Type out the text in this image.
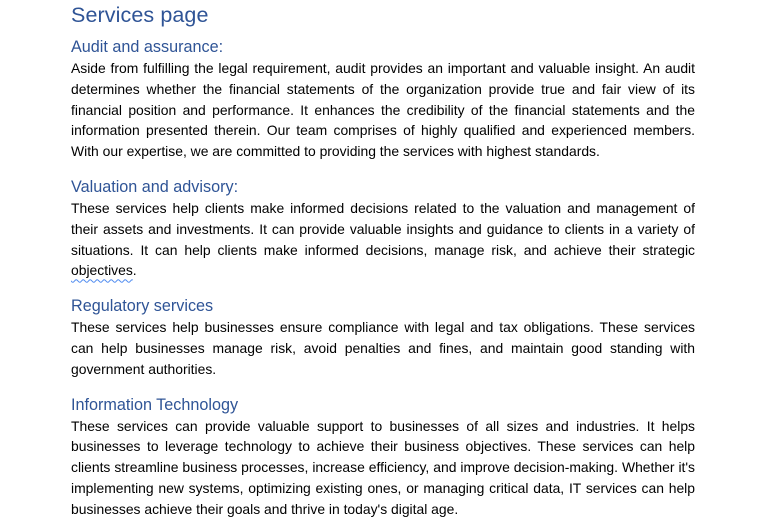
Services page
Audit and assurance:

Aside from fulfilling the legal requirement, audit provides an important and valuable insight. An audit determines whether the financial statements of the organization provide true and fair view of its financial position and performance. It enhances the credibility of the financial statements and the information presented therein. Our team comprises of highly qualified and experienced members. With our expertise, we are committed to providing the services with highest standards.

Valuation and advisory:

These services help clients make informed decisions related to the valuation and management of their assets and investments. It can provide valuable insights and guidance to clients in a variety of situations. It can help clients make informed decisions, manage risk, and achieve their strategic objectives.

Regulatory services

These services help businesses ensure compliance with legal and tax obligations. These services can help businesses manage risk, avoid penalties and fines, and maintain good standing with government authorities.

Information Technology

These services can provide valuable support to businesses of all sizes and industries. It helps businesses to leverage technology to achieve their business objectives. These services can help clients streamline business processes, increase efficiency, and improve decision-making. Whether it's implementing new systems, optimizing existing ones, or managing critical data, IT services can help businesses achieve their goals and thrive in today's digital age.
